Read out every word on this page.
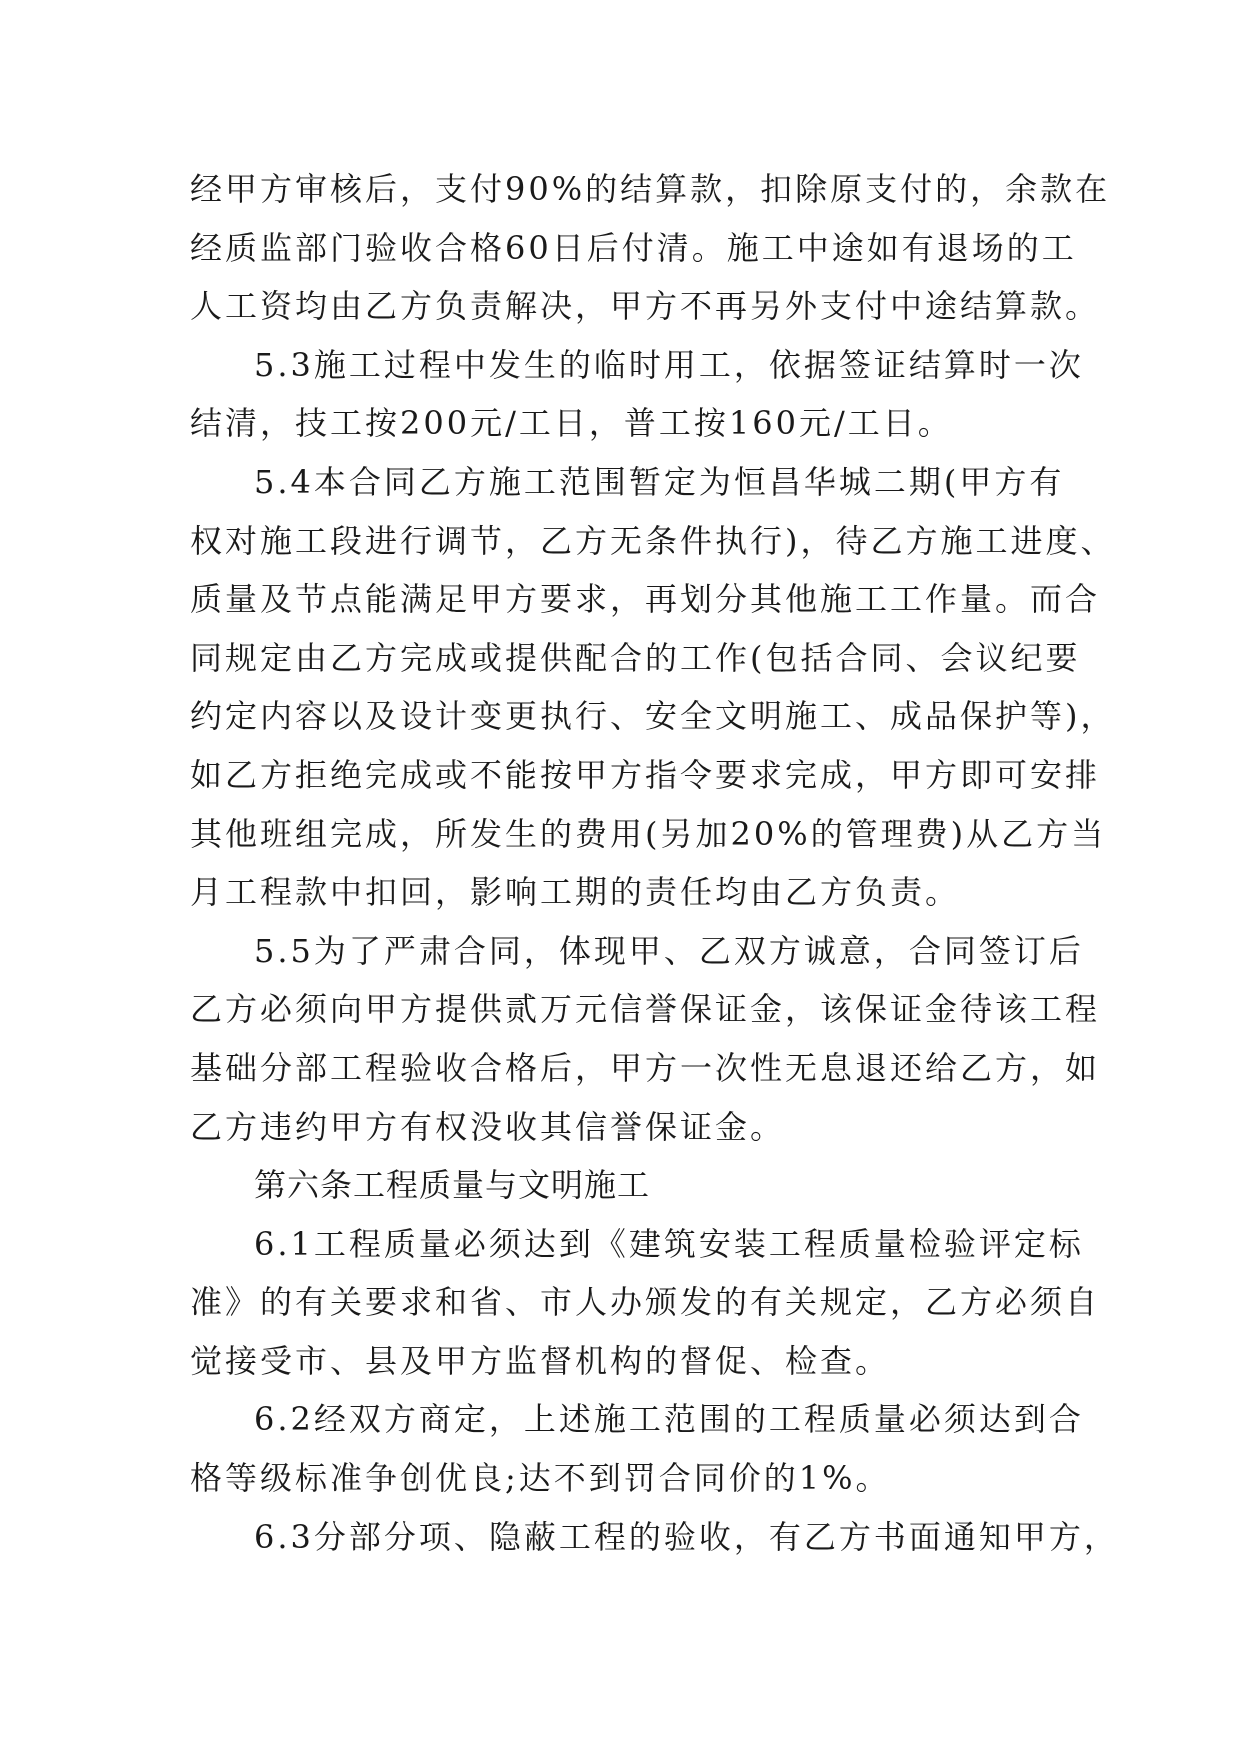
经甲方审核后，支付90%的结算款，扣除原支付的，余款在
经质监部门验收合格60日后付清。施工中途如有退场的工
人工资均由乙方负责解决，甲方不再另外支付中途结算款。
5.3施工过程中发生的临时用工，依据签证结算时一次
结清，技工按200元/工日，普工按160元/工日。
5.4本合同乙方施工范围暂定为恒昌华城二期(甲方有
权对施工段进行调节，乙方无条件执行)，待乙方施工进度、
质量及节点能满足甲方要求，再划分其他施工工作量。而合
同规定由乙方完成或提供配合的工作(包括合同、会议纪要
约定内容以及设计变更执行、安全文明施工、成品保护等)，
如乙方拒绝完成或不能按甲方指令要求完成，甲方即可安排
其他班组完成，所发生的费用(另加20%的管理费)从乙方当
月工程款中扣回，影响工期的责任均由乙方负责。
5.5为了严肃合同，体现甲、乙双方诚意，合同签订后
乙方必须向甲方提供贰万元信誉保证金，该保证金待该工程
基础分部工程验收合格后，甲方一次性无息退还给乙方，如
乙方违约甲方有权没收其信誉保证金。
第六条工程质量与文明施工
6.1工程质量必须达到《建筑安装工程质量检验评定标
准》的有关要求和省、市人办颁发的有关规定，乙方必须自
觉接受市、县及甲方监督机构的督促、检查。
6.2经双方商定，上述施工范围的工程质量必须达到合
格等级标准争创优良;达不到罚合同价的1%。
6.3分部分项、隐蔽工程的验收，有乙方书面通知甲方，
